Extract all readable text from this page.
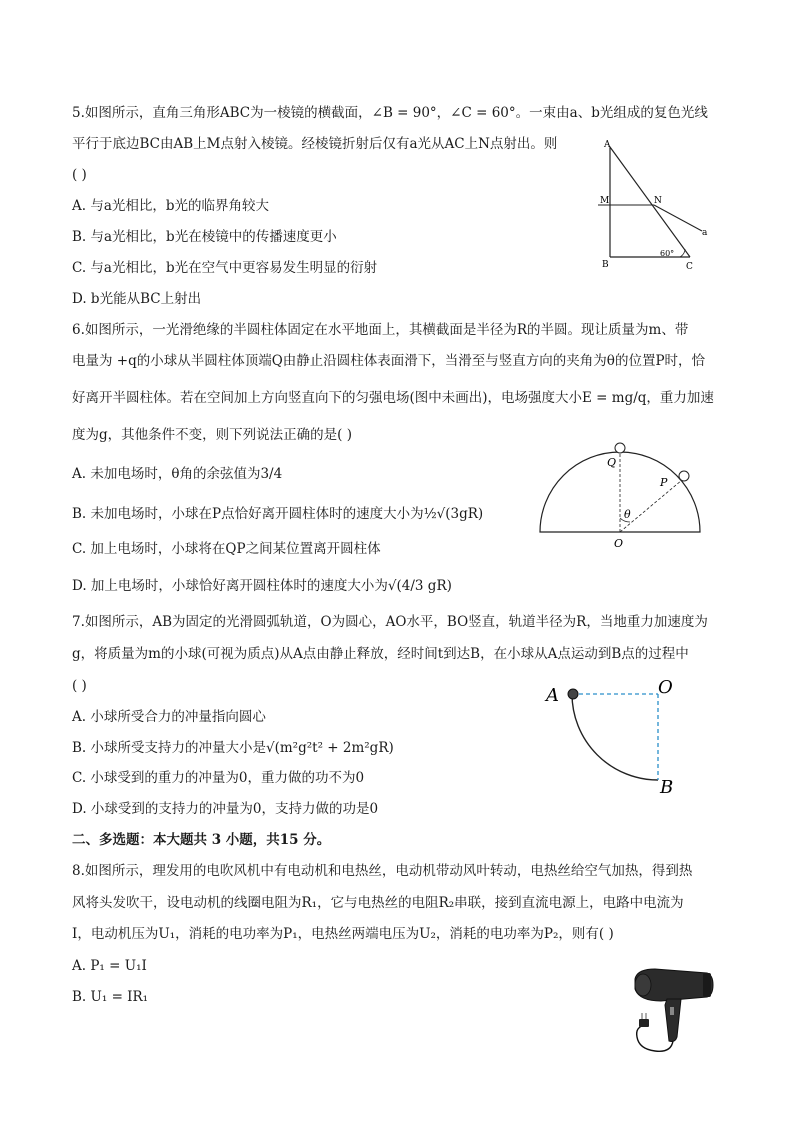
5.如图所示，直角三角形ABC为一棱镜的横截面，∠B = 90°，∠C = 60°。一束由a、b光组成的复色光线
平行于底边BC由AB上M点射入棱镜。经棱镜折射后仅有a光从AC上N点射出。则
( )
A. 与a光相比，b光的临界角较大
B. 与a光相比，b光在棱镜中的传播速度更小
C. 与a光相比，b光在空气中更容易发生明显的衍射
D. b光能从BC上射出
A
M	N
a
B	C
60°
6.如图所示，一光滑绝缘的半圆柱体固定在水平地面上，其横截面是半径为R的半圆。现让质量为m、带
电量为 +q的小球从半圆柱体顶端Q由静止沿圆柱体表面滑下，当滑至与竖直方向的夹角为θ的位置P时，恰
好离开半圆柱体。若在空间加上方向竖直向下的匀强电场(图中未画出)，电场强度大小E = mg/q，重力加速
度为g，其他条件不变，则下列说法正确的是( )
A. 未加电场时，θ角的余弦值为3/4
B. 未加电场时，小球在P点恰好离开圆柱体时的速度大小为½√(3gR)
C. 加上电场时，小球将在QP之间某位置离开圆柱体
D. 加上电场时，小球恰好离开圆柱体时的速度大小为√(4/3 gR)
Q
P
θ
O
7.如图所示，AB为固定的光滑圆弧轨道，O为圆心，AO水平，BO竖直，轨道半径为R，当地重力加速度为
g，将质量为m的小球(可视为质点)从A点由静止释放，经时间t到达B，在小球从A点运动到B点的过程中
( )
A. 小球所受合力的冲量指向圆心
B. 小球所受支持力的冲量大小是√(m²g²t² + 2m²gR)
C. 小球受到的重力的冲量为0，重力做的功不为0
D. 小球受到的支持力的冲量为0，支持力做的功是0
A	O
B
二、多选题：本大题共 3 小题，共15 分。
8.如图所示，理发用的电吹风机中有电动机和电热丝，电动机带动风叶转动，电热丝给空气加热，得到热
风将头发吹干，设电动机的线圈电阻为R₁，它与电热丝的电阻R₂串联，接到直流电源上，电路中电流为
I，电动机压为U₁，消耗的电功率为P₁，电热丝两端电压为U₂，消耗的电功率为P₂，则有( )
A. P₁ = U₁I
B. U₁ = IR₁
